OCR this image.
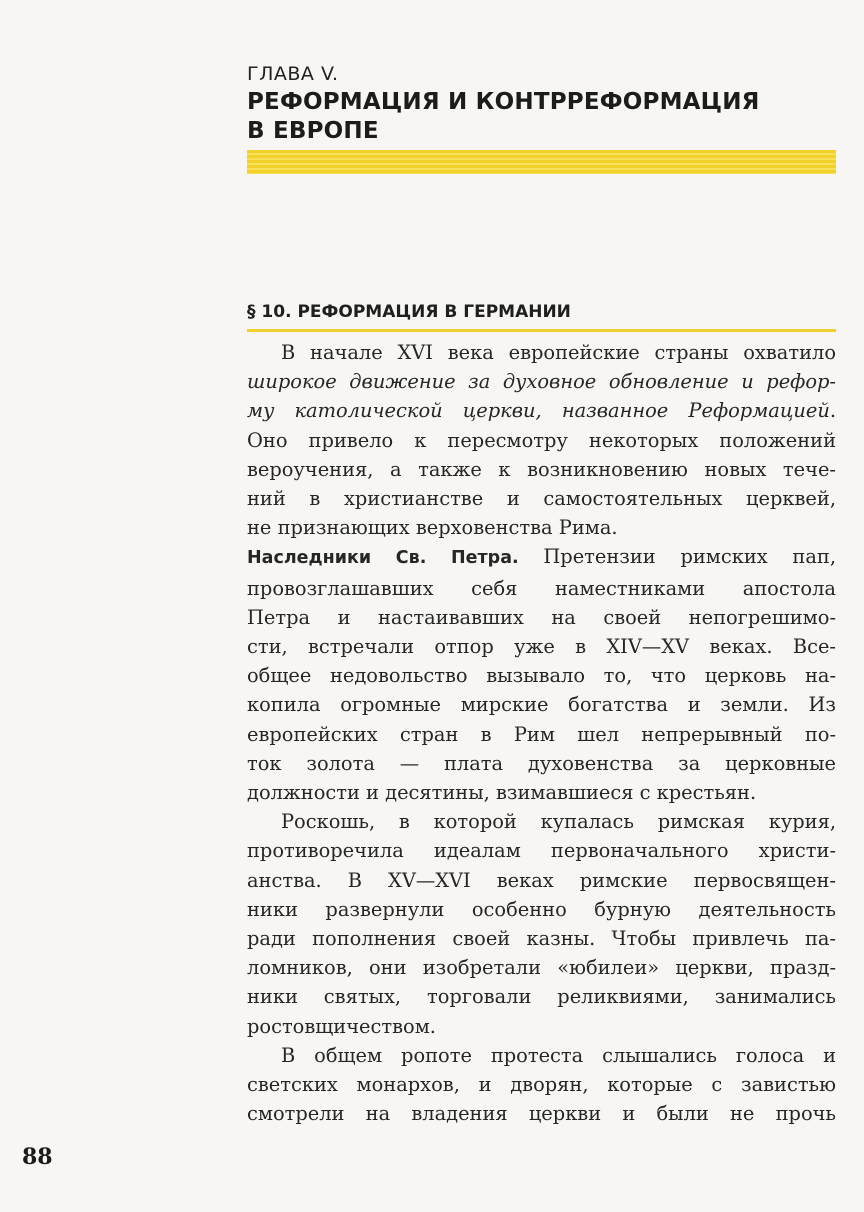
ГЛАВА V.
РЕФОРМАЦИЯ И КОНТРРЕФОРМАЦИЯ
В ЕВРОПЕ
§ 10. РЕФОРМАЦИЯ В ГЕРМАНИИ
В начале XVI века европейские страны охватило
широкое движение за духовное обновление и рефор-
му католической церкви, названное Реформацией.
Оно привело к пересмотру некоторых положений
вероучения, а также к возникновению новых тече-
ний в христианстве и самостоятельных церквей,
не признающих верховенства Рима.
Наследники Св. Петра. Претензии римских пап,
провозглашавших себя наместниками апостола
Петра и настаивавших на своей непогрешимо-
сти, встречали отпор уже в XIV—XV веках. Все-
общее недовольство вызывало то, что церковь на-
копила огромные мирские богатства и земли. Из
европейских стран в Рим шел непрерывный по-
ток золота — плата духовенства за церковные
должности и десятины, взимавшиеся с крестьян.
Роскошь, в которой купалась римская курия,
противоречила идеалам первоначального христи-
анства. В XV—XVI веках римские первосвящен-
ники развернули особенно бурную деятельность
ради пополнения своей казны. Чтобы привлечь па-
ломников, они изобретали «юбилеи» церкви, празд-
ники святых, торговали реликвиями, занимались
ростовщичеством.
В общем ропоте протеста слышались голоса и
светских монархов, и дворян, которые с завистью
смотрели на владения церкви и были не прочь
88
